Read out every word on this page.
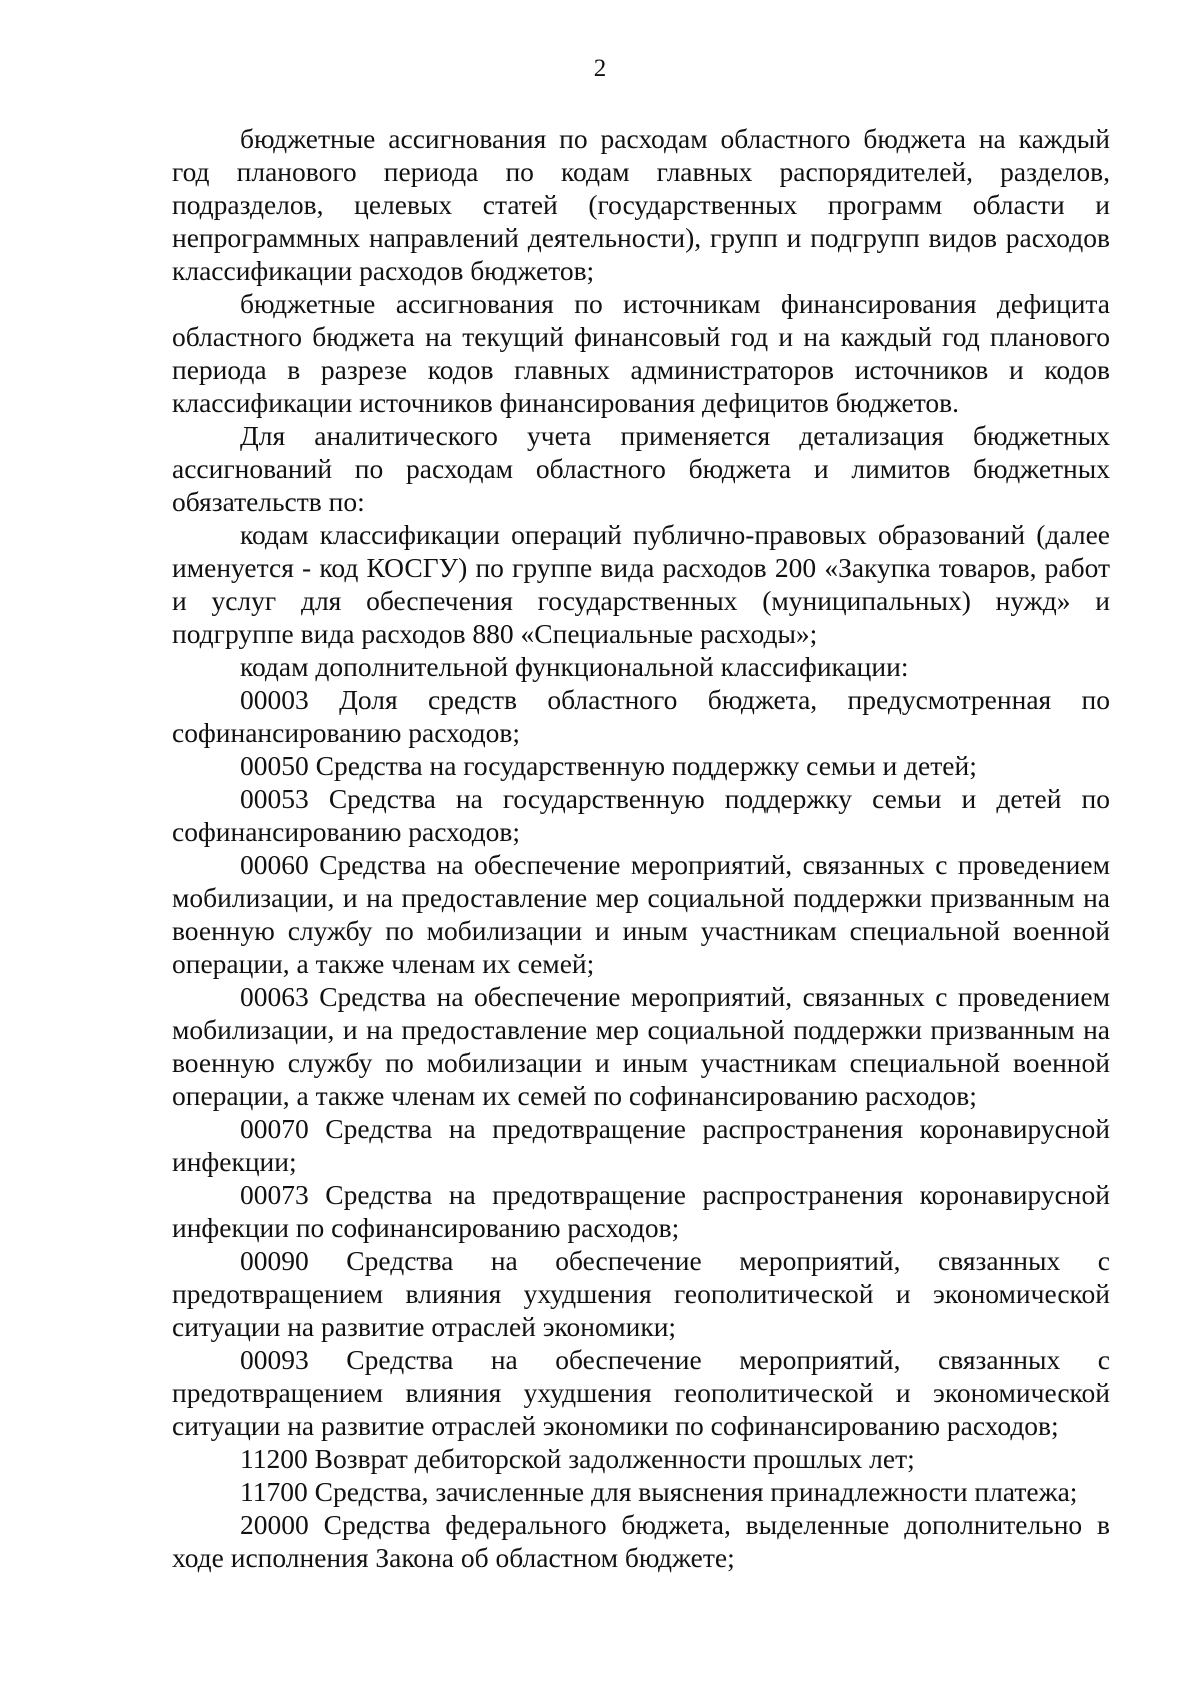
2

бюджетные ассигнования по расходам областного бюджета на каждый год планового периода по кодам главных распорядителей, разделов, подразделов, целевых статей (государственных программ области и непрограммных направлений деятельности), групп и подгрупп видов расходов классификации расходов бюджетов;

бюджетные ассигнования по источникам финансирования дефицита областного бюджета на текущий финансовый год и на каждый год планового периода в разрезе кодов главных администраторов источников и кодов классификации источников финансирования дефицитов бюджетов.

Для аналитического учета применяется детализация бюджетных ассигнований по расходам областного бюджета и лимитов бюджетных обязательств по:

кодам классификации операций публично-правовых образований (далее именуется - код КОСГУ) по группе вида расходов 200 «Закупка товаров, работ и услуг для обеспечения государственных (муниципальных) нужд» и подгруппе вида расходов 880 «Специальные расходы»;

кодам дополнительной функциональной классификации:

00003 Доля средств областного бюджета, предусмотренная по софинансированию расходов;

00050 Средства на государственную поддержку семьи и детей;

00053 Средства на государственную поддержку семьи и детей по софинансированию расходов;

00060 Средства на обеспечение мероприятий, связанных с проведением мобилизации, и на предоставление мер социальной поддержки призванным на военную службу по мобилизации и иным участникам специальной военной операции, а также членам их семей;

00063 Средства на обеспечение мероприятий, связанных с проведением мобилизации, и на предоставление мер социальной поддержки призванным на военную службу по мобилизации и иным участникам специальной военной операции, а также членам их семей по софинансированию расходов;

00070 Средства на предотвращение распространения коронавирусной инфекции;

00073 Средства на предотвращение распространения коронавирусной инфекции по софинансированию расходов;

00090 Средства на обеспечение мероприятий, связанных с предотвращением влияния ухудшения геополитической и экономической ситуации на развитие отраслей экономики;

00093 Средства на обеспечение мероприятий, связанных с предотвращением влияния ухудшения геополитической и экономической ситуации на развитие отраслей экономики по софинансированию расходов;

11200 Возврат дебиторской задолженности прошлых лет;

11700 Средства, зачисленные для выяснения принадлежности платежа;

20000 Средства федерального бюджета, выделенные дополнительно в ходе исполнения Закона об областном бюджете;
